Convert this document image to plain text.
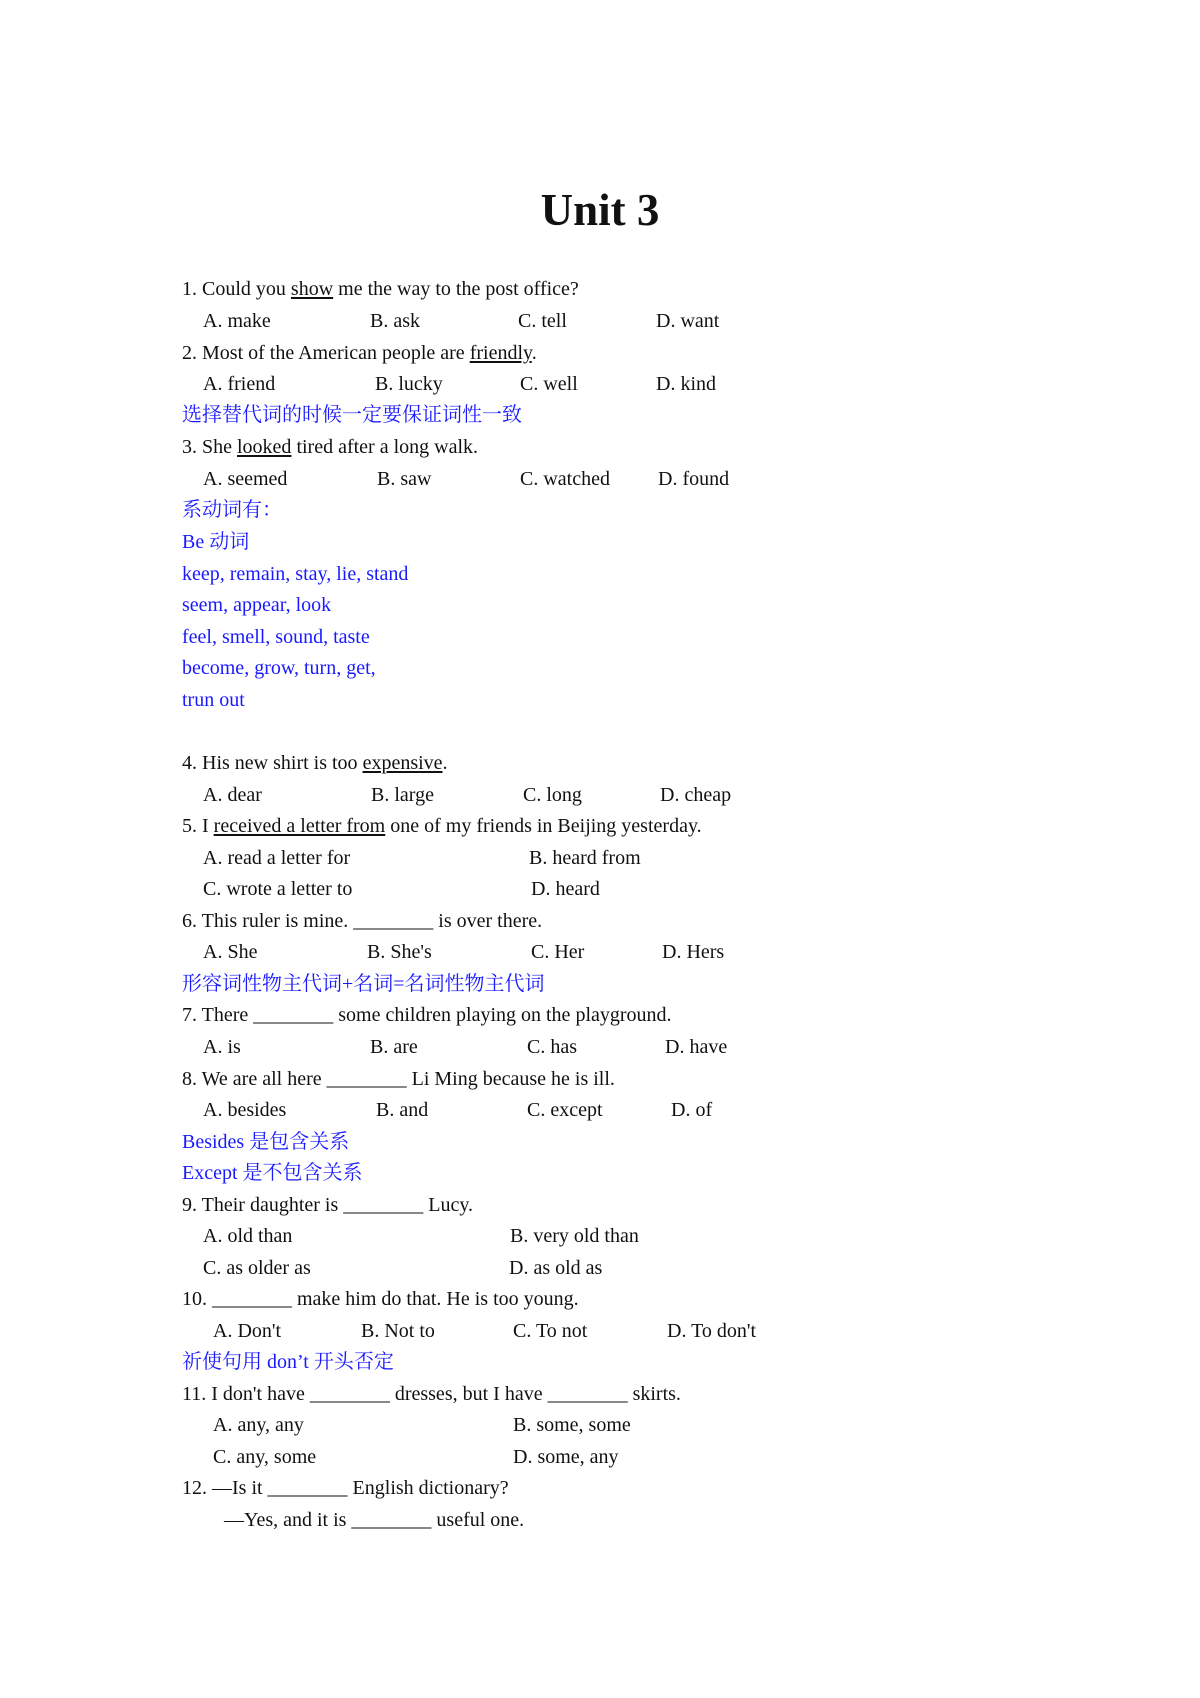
Unit 3
1. Could you show me the way to the post office?
A. make	B. ask	C. tell	D. want
2. Most of the American people are friendly.
A. friend	B. lucky	C. well	D. kind
选择替代词的时候一定要保证词性一致
3. She looked tired after a long walk.
A. seemed	B. saw	C. watched D. found
系动词有：
Be 动词
keep, remain, stay, lie, stand
seem, appear, look
feel, smell, sound, taste
become, grow, turn, get,
trun out
4. His new shirt is too expensive.
A. dear	B. large	C. long	D. cheap
5. I received a letter from one of my friends in Beijing yesterday.
A. read a letter for	B. heard from
C. wrote a letter to	D. heard
6. This ruler is mine. ________ is over there.
A. She	B. She's	C. Her	D. Hers
形容词性物主代词+名词=名词性物主代词
7. There ________ some children playing on the playground.
A. is	B. are	C. has	D. have
8. We are all here ________ Li Ming because he is ill.
A. besides	B. and	C. except	D. of
Besides 是包含关系
Except 是不包含关系
9. Their daughter is ________ Lucy.
A. old than	B. very old than
C. as older as	D. as old as
10. ________ make him do that. He is too young.
A. Don't	B. Not to	C. To not	D. To don't
祈使句用 don’t 开头否定
11. I don't have ________ dresses, but I have ________ skirts.
A. any, any	B. some, some
C. any, some	D. some, any
12. —Is it ________ English dictionary?
—Yes, and it is ________ useful one.
